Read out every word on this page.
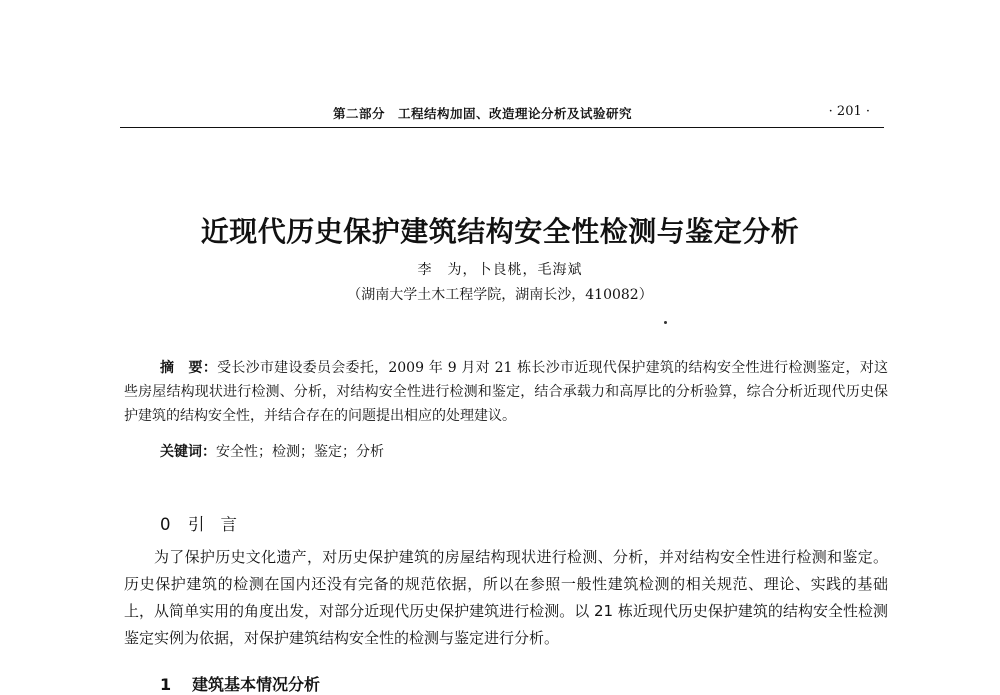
第二部分　工程结构加固、改造理论分析及试验研究	· 201 ·
近现代历史保护建筑结构安全性检测与鉴定分析
李　为，卜良桃，毛海斌
（湖南大学土木工程学院，湖南长沙，410082）
摘　要：受长沙市建设委员会委托，2009 年 9 月对 21 栋长沙市近现代保护建筑的结构安全性进行检测鉴定，对这些房屋结构现状进行检测、分析，对结构安全性进行检测和鉴定，结合承载力和高厚比的分析验算，综合分析近现代历史保护建筑的结构安全性，并结合存在的问题提出相应的处理建议。
关键词：安全性；检测；鉴定；分析
0 引言
为了保护历史文化遗产，对历史保护建筑的房屋结构现状进行检测、分析，并对结构安全性进行检测和鉴定。历史保护建筑的检测在国内还没有完备的规范依据，所以在参照一般性建筑检测的相关规范、理论、实践的基础上，从简单实用的角度出发，对部分近现代历史保护建筑进行检测。以 21 栋近现代历史保护建筑的结构安全性检测鉴定实例为依据，对保护建筑结构安全性的检测与鉴定进行分析。
1 建筑基本情况分析
